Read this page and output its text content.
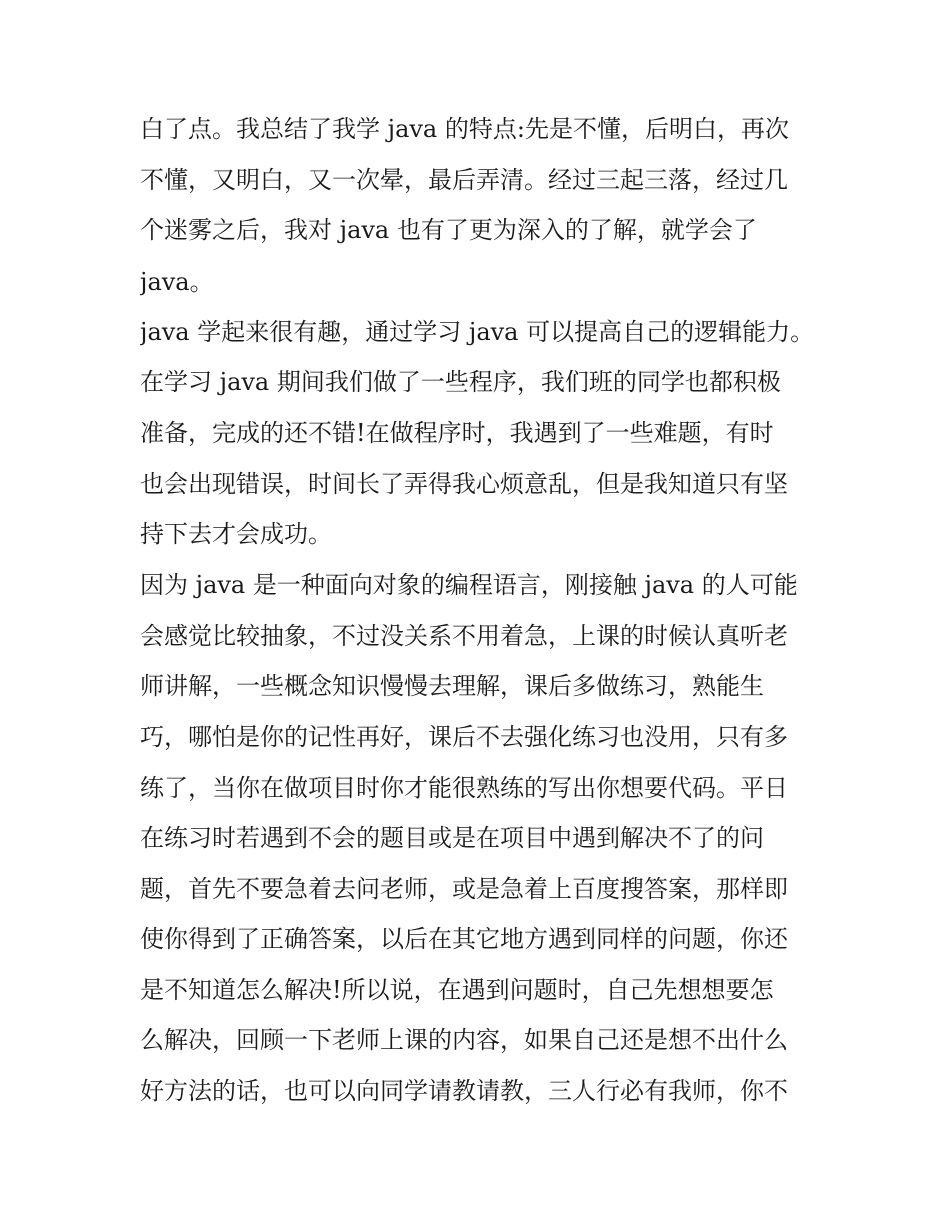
白了点。我总结了我学 java 的特点:先是不懂，后明白，再次
不懂，又明白，又一次晕，最后弄清。经过三起三落，经过几
个迷雾之后，我对 java 也有了更为深入的了解，就学会了
java。
java 学起来很有趣，通过学习 java 可以提高自己的逻辑能力。
在学习 java 期间我们做了一些程序，我们班的同学也都积极
准备，完成的还不错!在做程序时，我遇到了一些难题，有时
也会出现错误，时间长了弄得我心烦意乱，但是我知道只有坚
持下去才会成功。
因为 java 是一种面向对象的编程语言，刚接触 java 的人可能
会感觉比较抽象，不过没关系不用着急，上课的时候认真听老
师讲解，一些概念知识慢慢去理解，课后多做练习，熟能生
巧，哪怕是你的记性再好，课后不去强化练习也没用，只有多
练了，当你在做项目时你才能很熟练的写出你想要代码。平日
在练习时若遇到不会的题目或是在项目中遇到解决不了的问
题，首先不要急着去问老师，或是急着上百度搜答案，那样即
使你得到了正确答案，以后在其它地方遇到同样的问题，你还
是不知道怎么解决!所以说，在遇到问题时，自己先想想要怎
么解决，回顾一下老师上课的内容，如果自己还是想不出什么
好方法的话，也可以向同学请教请教，三人行必有我师，你不
